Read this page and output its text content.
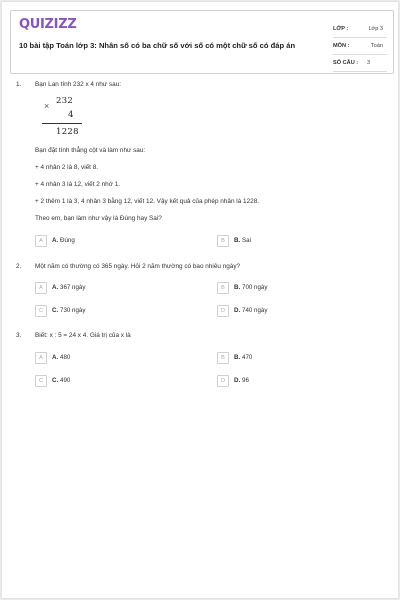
QUIZIZZ
10 bài tập Toán lớp 3: Nhân số có ba chữ số với số có một chữ số có đáp án
LỚP :	Lớp 3
MÔN :	Toán
SỐ CÂU : 3
1. Bạn Lan tính 232 x 4 như sau:
× 232
4
1228
Bạn đặt tính thẳng cột và làm như sau:
+ 4 nhân 2 là 8, viết 8.
+ 4 nhân 3 là 12, viết 2 nhớ 1.
+ 2 thêm 1 là 3, 4 nhân 3 bằng 12, viết 12. Vậy kết quả của phép nhân là 1228.
Theo em, bạn làm như vậy là Đúng hay Sai?
A	A. Đúng	B	B. Sai
2. Một năm có thường có 365 ngày. Hỏi 2 năm thường có bao nhiêu ngày?
A	A. 367 ngày	B	B. 700 ngày
C	C. 730 ngày	D	D. 740 ngày
3. Biết: x : 5 = 24 x 4. Giá trị của x là
A	A. 480	B	B. 470
C	C. 490	D	D. 96
